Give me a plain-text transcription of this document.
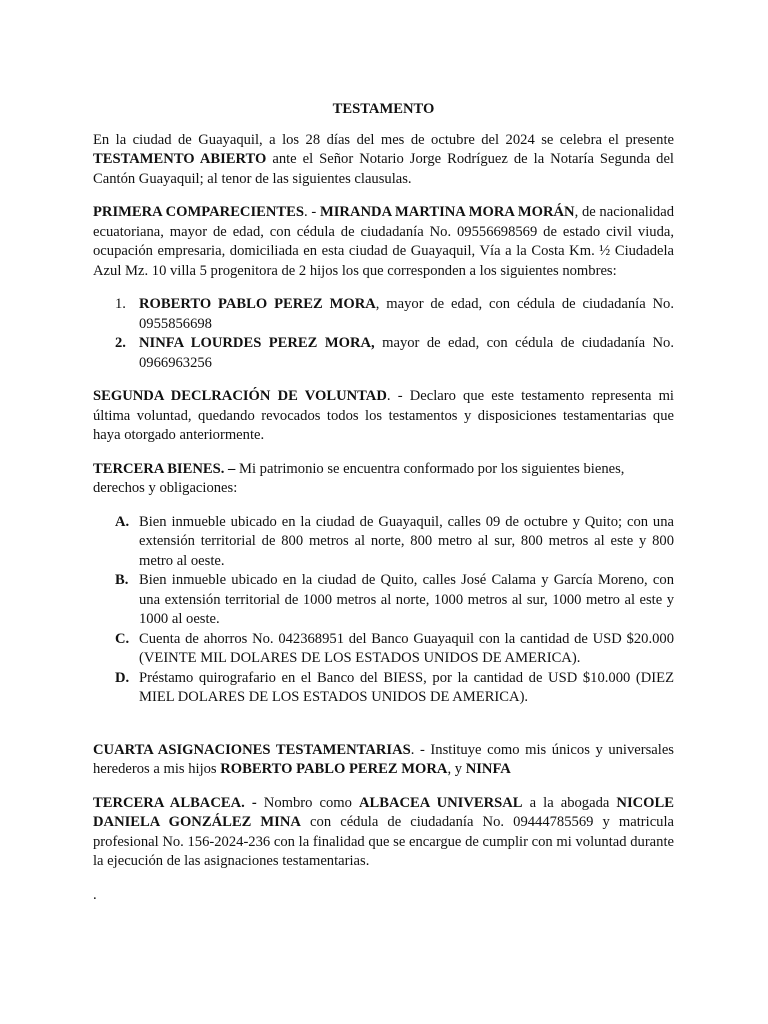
TESTAMENTO

En la ciudad de Guayaquil, a los 28 días del mes de octubre del 2024 se celebra el presente TESTAMENTO ABIERTO ante el Señor Notario Jorge Rodríguez de la Notaría Segunda del Cantón Guayaquil; al tenor de las siguientes clausulas.

PRIMERA COMPARECIENTES. - MIRANDA MARTINA MORA MORÁN, de nacionalidad ecuatoriana, mayor de edad, con cédula de ciudadanía No. 09556698569 de estado civil viuda, ocupación empresaria, domiciliada en esta ciudad de Guayaquil, Vía a la Costa Km. ½ Ciudadela Azul Mz. 10 villa 5 progenitora de 2 hijos los que corresponden a los siguientes nombres:

1. ROBERTO PABLO PEREZ MORA, mayor de edad, con cédula de ciudadanía No. 0955856698
2. NINFA LOURDES PEREZ MORA, mayor de edad, con cédula de ciudadanía No. 0966963256

SEGUNDA DECLRACIÓN DE VOLUNTAD. - Declaro que este testamento representa mi última voluntad, quedando revocados todos los testamentos y disposiciones testamentarias que haya otorgado anteriormente.

TERCERA BIENES. – Mi patrimonio se encuentra conformado por los siguientes bienes, derechos y obligaciones:

A. Bien inmueble ubicado en la ciudad de Guayaquil, calles 09 de octubre y Quito; con una extensión territorial de 800 metros al norte, 800 metro al sur, 800 metros al este y 800 metro al oeste.
B. Bien inmueble ubicado en la ciudad de Quito, calles José Calama y García Moreno, con una extensión territorial de 1000 metros al norte, 1000 metros al sur, 1000 metro al este y 1000 al oeste.
C. Cuenta de ahorros No. 042368951 del Banco Guayaquil con la cantidad de USD $20.000 (VEINTE MIL DOLARES DE LOS ESTADOS UNIDOS DE AMERICA).
D. Préstamo quirografario en el Banco del BIESS, por la cantidad de USD $10.000 (DIEZ MIEL DOLARES DE LOS ESTADOS UNIDOS DE AMERICA).

CUARTA ASIGNACIONES TESTAMENTARIAS. - Instituye como mis únicos y universales herederos a mis hijos ROBERTO PABLO PEREZ MORA, y NINFA

TERCERA ALBACEA. - Nombro como ALBACEA UNIVERSAL a la abogada NICOLE DANIELA GONZÁLEZ MINA con cédula de ciudadanía No. 09444785569 y matricula profesional No. 156-2024-236 con la finalidad que se encargue de cumplir con mi voluntad durante la ejecución de las asignaciones testamentarias.

.
